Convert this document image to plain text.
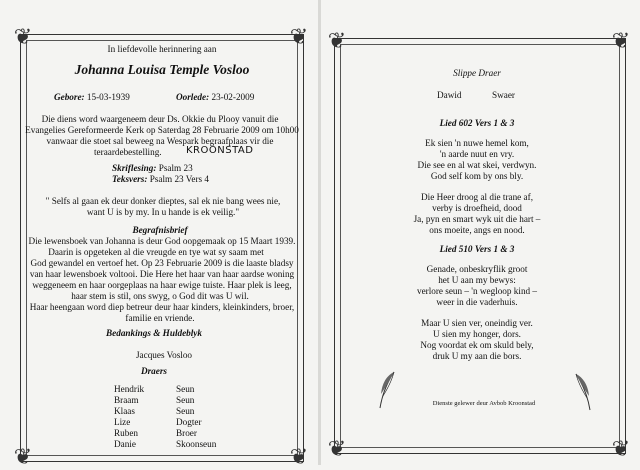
❦	❦
❦	❦
In liefdevolle herinnering aan
Johanna Louisa Temple Vosloo
Gebore: 15-03-1939	Oorlede: 23-02-2009
Die diens word waargeneem deur Ds. Okkie du Plooy vanuit die
Evangelies Gereformeerde Kerk op Saterdag 28 Februarie 2009 om 10h00
vanwaar die stoet sal beweeg na Wespark begraafplaas vir die
teraardebestelling. KROONSTAD
Skriflesing: Psalm 23
Teksvers: Psalm 23 Vers 4
" Selfs al gaan ek deur donker dieptes, sal ek nie bang wees nie,
want U is by my. In u hande is ek veilig."
Begrafnisbrief
Die lewensboek van Johanna is deur God oopgemaak op 15 Maart 1939.
Daarin is opgeteken al die vreugde en tye wat sy saam met
God gewandel en vertoef het. Op 23 Februarie 2009 is die laaste bladsy
van haar lewensboek voltooi. Die Here het haar van haar aardse woning
weggeneem en haar oorgeplaas na haar ewige tuiste. Haar plek is leeg,
haar stem is stil, ons swyg, o God dit was U wil.
Haar heengaan word diep betreur deur haar kinders, kleinkinders, broer,
familie en vriende.
Bedankings & Huldeblyk
Jacques Vosloo
Draers
Hendrik	Seun
Braam	Seun
Klaas	Seun
Lize	Dogter
Ruben	Broer
Danie	Skoonseun
❦	❦
❦	❦
Slippe Draer
Dawid	Swaer
Lied 602 Vers 1 & 3
Ek sien 'n nuwe hemel kom,
'n aarde nuut en vry.
Die see en al wat skei, verdwyn.
God self kom by ons bly.
Die Heer droog al die trane af,
verby is droefheid, dood
Ja, pyn en smart wyk uit die hart –
ons moeite, angs en nood.
Lied 510 Vers 1 & 3
Genade, onbeskryflik groot
het U aan my bewys:
verlore seun – 'n wegloop kind –
weer in die vaderhuis.
Maar U sien ver, oneindig ver.
U sien my honger, dors.
Nog voordat ek om skuld bely,
druk U my aan die bors.
Dienste gelewer deur Avbob Kroonstad
